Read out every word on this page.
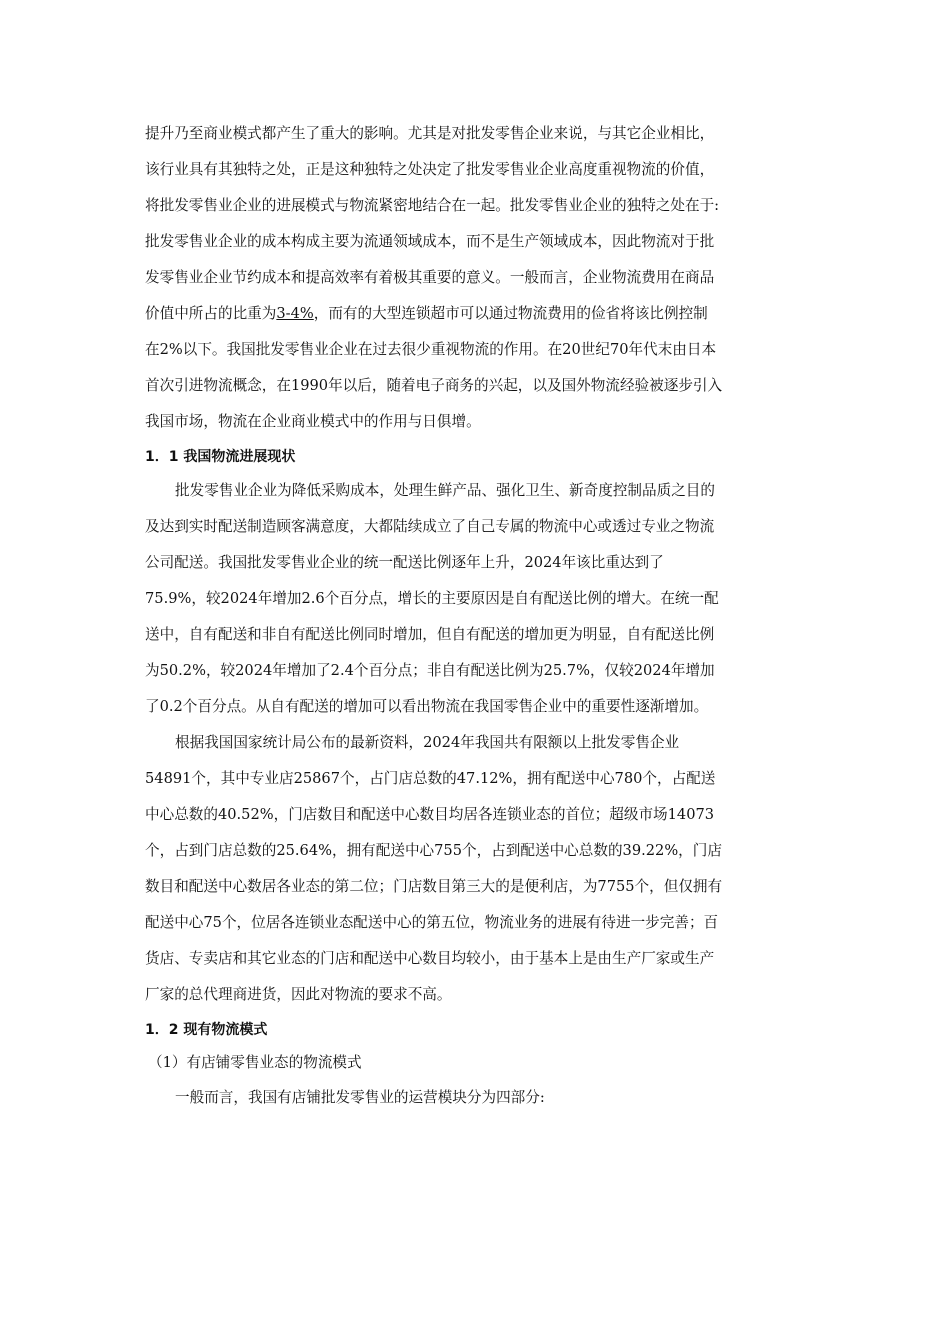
提升乃至商业模式都产生了重大的影响。尤其是对批发零售企业来说，与其它企业相比，
该行业具有其独特之处，正是这种独特之处决定了批发零售业企业高度重视物流的价值，
将批发零售业企业的进展模式与物流紧密地结合在一起。批发零售业企业的独特之处在于:
批发零售业企业的成本构成主要为流通领域成本，而不是生产领域成本，因此物流对于批
发零售业企业节约成本和提高效率有着极其重要的意义。一般而言，企业物流费用在商品
价值中所占的比重为3-4%，而有的大型连锁超市可以通过物流费用的俭省将该比例控制
在2%以下。我国批发零售业企业在过去很少重视物流的作用。在20世纪70年代末由日本
首次引进物流概念，在1990年以后，随着电子商务的兴起，以及国外物流经验被逐步引入
我国市场，物流在企业商业模式中的作用与日俱增。
1．1 我国物流进展现状
批发零售业企业为降低采购成本，处理生鲜产品、强化卫生、新奇度控制品质之目的
及达到实时配送制造顾客满意度，大都陆续成立了自己专属的物流中心或透过专业之物流
公司配送。我国批发零售业企业的统一配送比例逐年上升，2024年该比重达到了
75.9%，较2024年增加2.6个百分点，增长的主要原因是自有配送比例的增大。在统一配
送中，自有配送和非自有配送比例同时增加，但自有配送的增加更为明显，自有配送比例
为50.2%，较2024年增加了2.4个百分点；非自有配送比例为25.7%，仅较2024年增加
了0.2个百分点。从自有配送的增加可以看出物流在我国零售企业中的重要性逐渐增加。
根据我国国家统计局公布的最新资料，2024年我国共有限额以上批发零售企业
54891个，其中专业店25867个，占门店总数的47.12%，拥有配送中心780个，占配送
中心总数的40.52%，门店数目和配送中心数目均居各连锁业态的首位；超级市场14073
个，占到门店总数的25.64%，拥有配送中心755个，占到配送中心总数的39.22%，门店
数目和配送中心数居各业态的第二位；门店数目第三大的是便利店，为7755个，但仅拥有
配送中心75个，位居各连锁业态配送中心的第五位，物流业务的进展有待进一步完善；百
货店、专卖店和其它业态的门店和配送中心数目均较小，由于基本上是由生产厂家或生产
厂家的总代理商进货，因此对物流的要求不高。
1．2 现有物流模式
（1）有店铺零售业态的物流模式
一般而言，我国有店铺批发零售业的运营模块分为四部分:
